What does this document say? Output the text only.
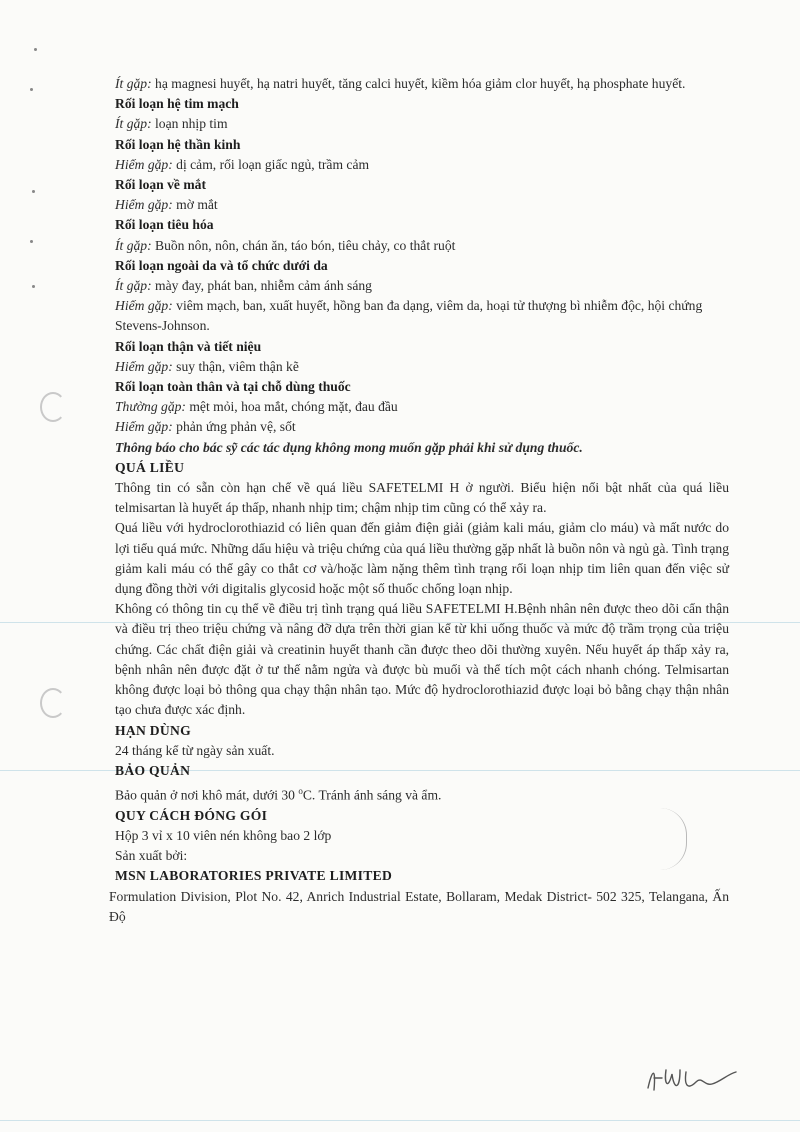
Ít gặp: hạ magnesi huyết, hạ natri huyết, tăng calci huyết, kiềm hóa giảm clor huyết, hạ phosphate huyết.

Rối loạn hệ tim mạch

Ít gặp: loạn nhịp tim

Rối loạn hệ thần kinh

Hiếm gặp: dị cảm, rối loạn giấc ngủ, trầm cảm

Rối loạn về mắt

Hiếm gặp: mờ mắt

Rối loạn tiêu hóa

Ít gặp: Buồn nôn, nôn, chán ăn, táo bón, tiêu chảy, co thắt ruột

Rối loạn ngoài da và tổ chức dưới da

Ít gặp: mày đay, phát ban, nhiễm cảm ánh sáng

Hiếm gặp: viêm mạch, ban, xuất huyết, hồng ban đa dạng, viêm da, hoại tử thượng bì nhiễm độc, hội chứng Stevens-Johnson.

Rối loạn thận và tiết niệu

Hiếm gặp: suy thận, viêm thận kẽ

Rối loạn toàn thân và tại chỗ dùng thuốc

Thường gặp: mệt mỏi, hoa mắt, chóng mặt, đau đầu

Hiếm gặp: phản ứng phản vệ, sốt

Thông báo cho bác sỹ các tác dụng không mong muốn gặp phải khi sử dụng thuốc.

QUÁ LIỀU

Thông tin có sẵn còn hạn chế về quá liều SAFETELMI H ở người. Biểu hiện nổi bật nhất của quá liều telmisartan là huyết áp thấp, nhanh nhịp tim; chậm nhịp tim cũng có thể xảy ra.

Quá liều với hydroclorothiazid có liên quan đến giảm điện giải (giảm kali máu, giảm clo máu) và mất nước do lợi tiểu quá mức. Những dấu hiệu và triệu chứng của quá liều thường gặp nhất là buồn nôn và ngủ gà. Tình trạng giảm kali máu có thể gây co thắt cơ và/hoặc làm nặng thêm tình trạng rối loạn nhịp tim liên quan đến việc sử dụng đồng thời với digitalis glycosid hoặc một số thuốc chống loạn nhịp.

Không có thông tin cụ thể về điều trị tình trạng quá liều SAFETELMI H.Bệnh nhân nên được theo dõi cẩn thận và điều trị theo triệu chứng và nâng đỡ dựa trên thời gian kể từ khi uống thuốc và mức độ trầm trọng của triệu chứng. Các chất điện giải và creatinin huyết thanh cần được theo dõi thường xuyên. Nếu huyết áp thấp xảy ra, bệnh nhân nên được đặt ở tư thế nằm ngửa và được bù muối và thể tích một cách nhanh chóng. Telmisartan không được loại bỏ thông qua chạy thận nhân tạo. Mức độ hydroclorothiazid được loại bỏ bằng chạy thận nhân tạo chưa được xác định.

HẠN DÙNG

24 tháng kể từ ngày sản xuất.

BẢO QUẢN

Bảo quản ở nơi khô mát, dưới 30 $^o$C. Tránh ánh sáng và ẩm.

QUY CÁCH ĐÓNG GÓI

Hộp 3 vỉ x 10 viên nén không bao 2 lớp

Sản xuất bởi:

MSN LABORATORIES PRIVATE LIMITED

Formulation Division, Plot No. 42, Anrich Industrial Estate, Bollaram, Medak District- 502 325, Telangana, Ấn Độ
